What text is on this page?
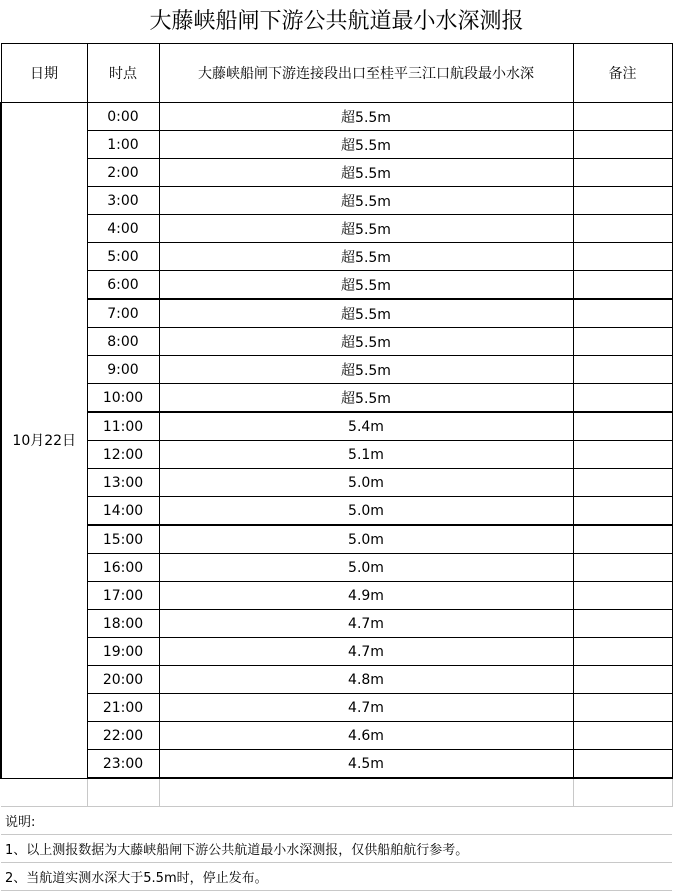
大藤峡船闸下游公共航道最小水深测报
日期	时点	大藤峡船闸下游连接段出口至桂平三江口航段最小水深	备注
10月22日	0:00	超5.5m	
	1:00	超5.5m	
	2:00	超5.5m	
	3:00	超5.5m	
	4:00	超5.5m	
	5:00	超5.5m	
	6:00	超5.5m	
	7:00	超5.5m	
	8:00	超5.5m	
	9:00	超5.5m	
	10:00	超5.5m	
	11:00	5.4m	
	12:00	5.1m	
	13:00	5.0m	
	14:00	5.0m	
	15:00	5.0m	
	16:00	5.0m	
	17:00	4.9m	
	18:00	4.7m	
	19:00	4.7m	
	20:00	4.8m	
	21:00	4.7m	
	22:00	4.6m	
	23:00	4.5m	

说明:			
1、以上测报数据为大藤峡船闸下游公共航道最小水深测报，仅供船舶航行参考。			
2、当航道实测水深大于5.5m时，停止发布。			
